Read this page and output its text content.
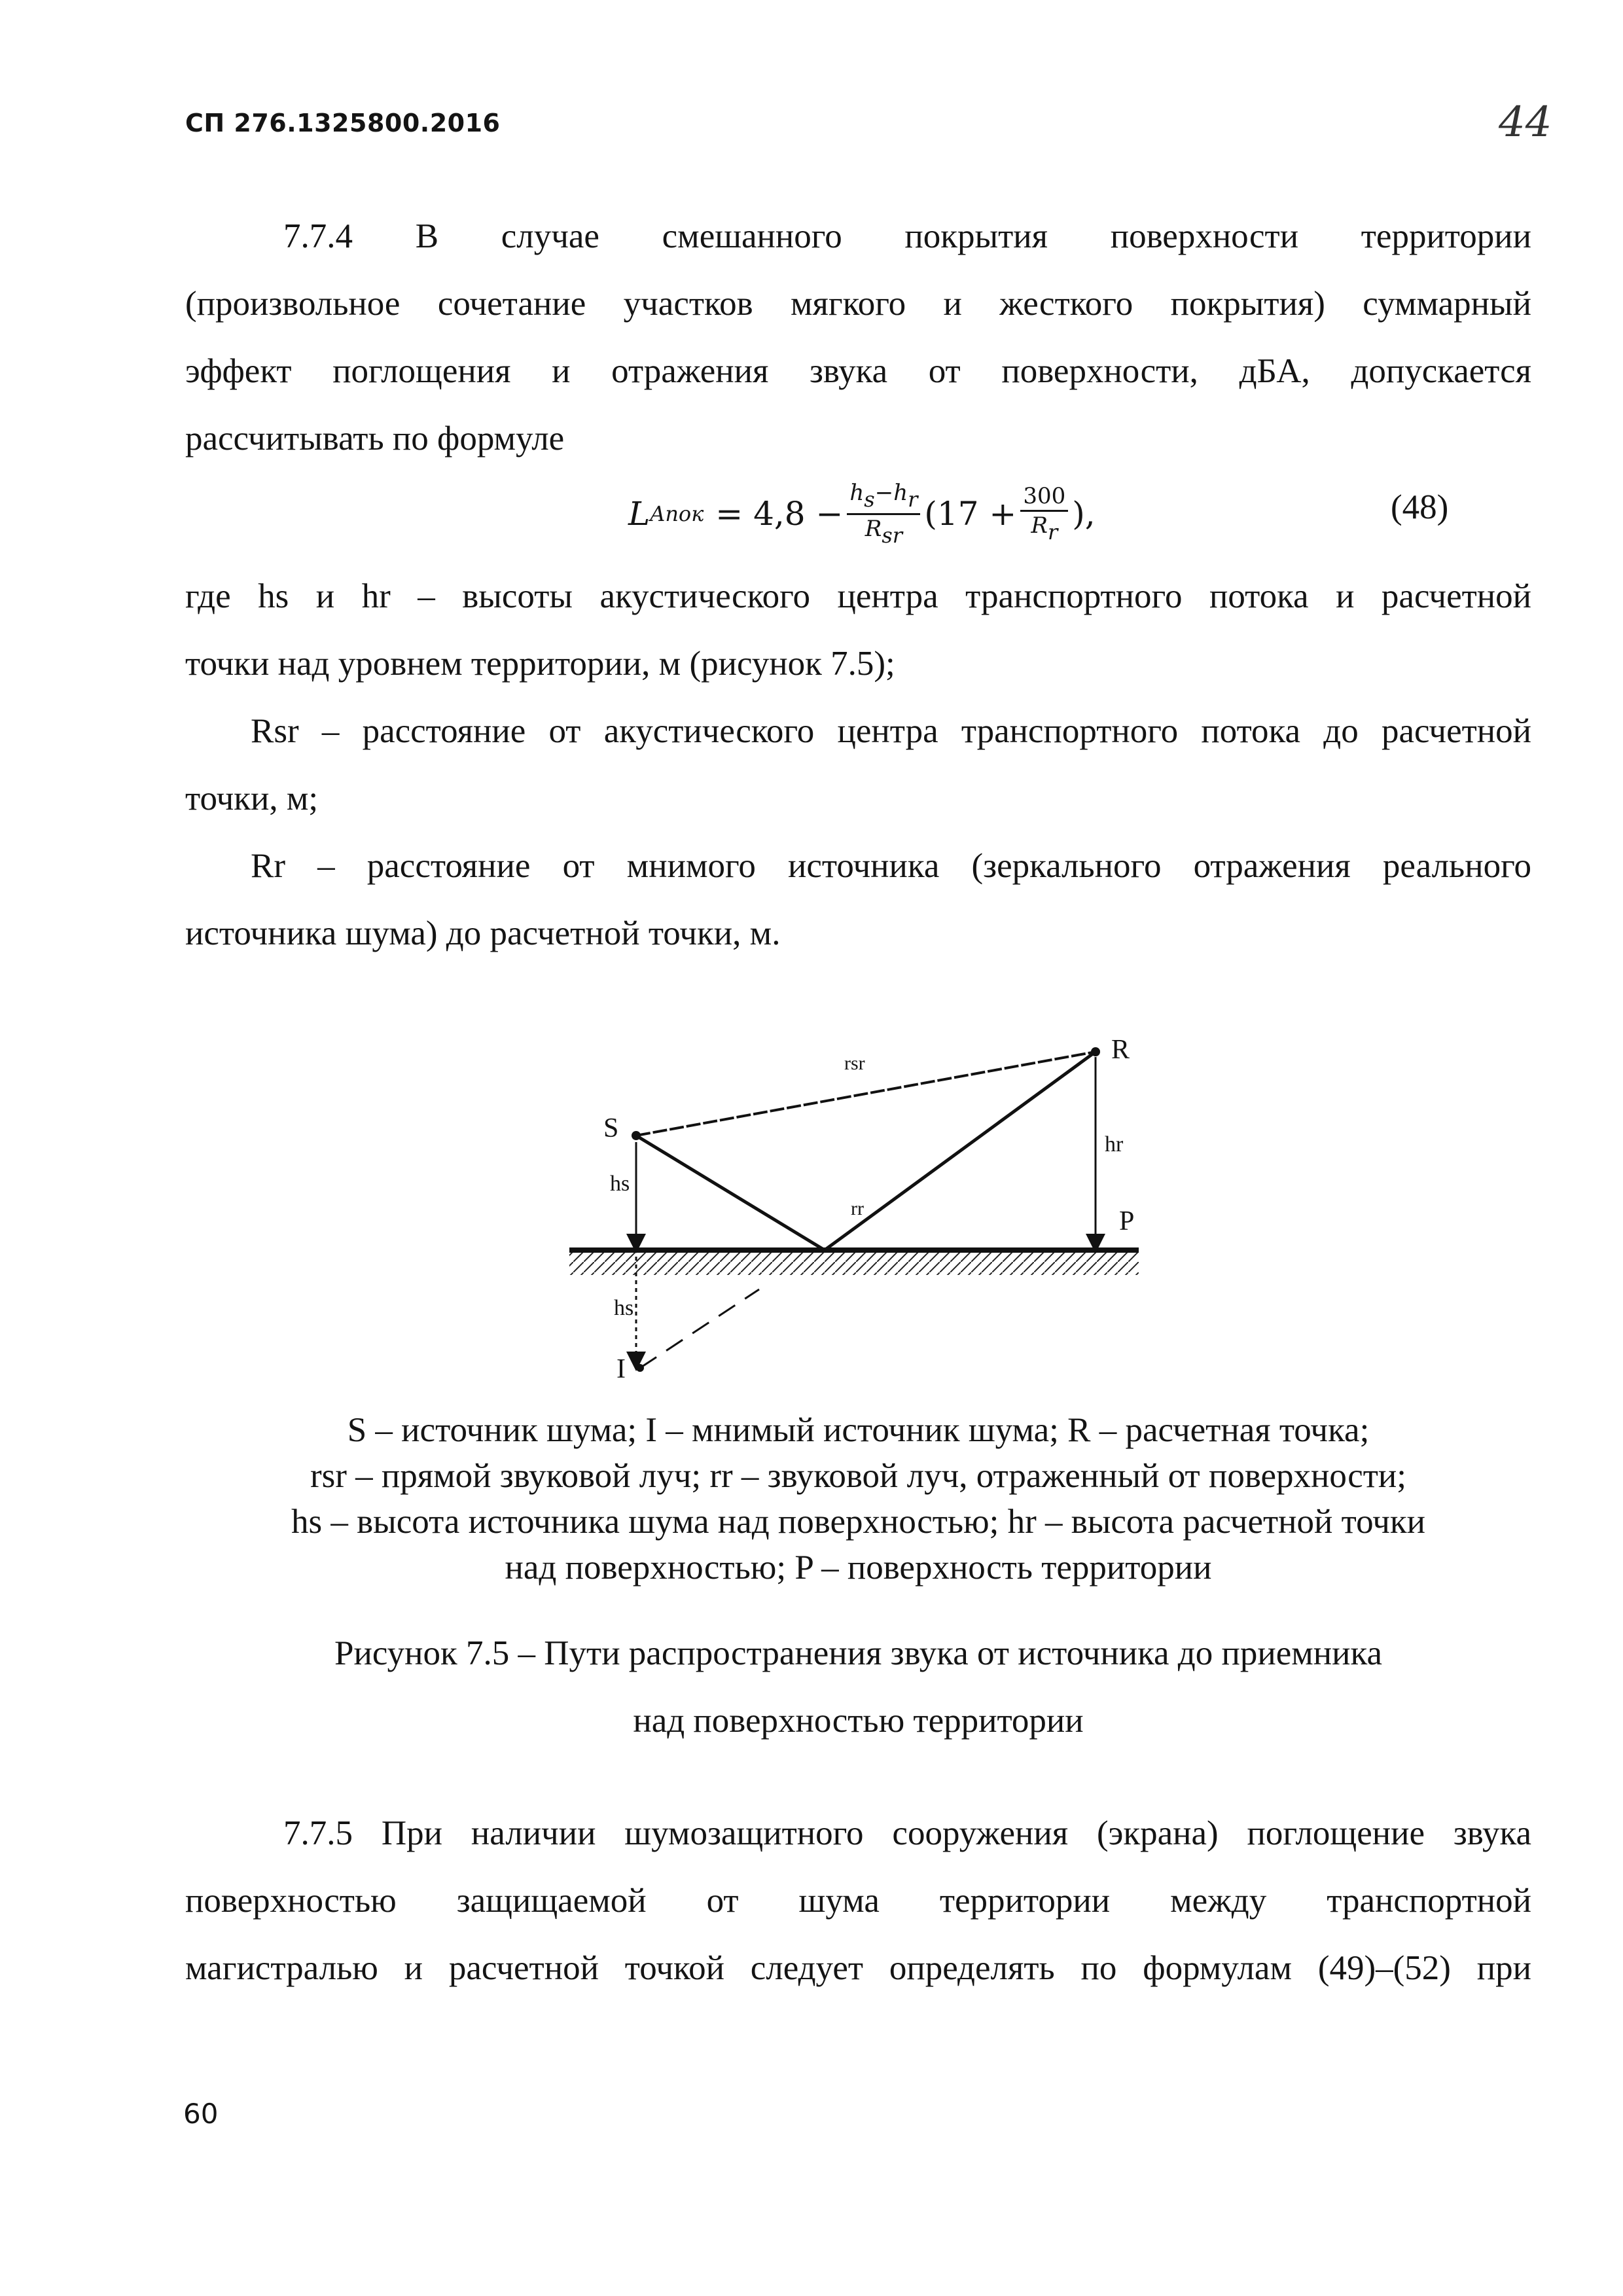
СП 276.1325800.2016	44
7.7.4 В случае смешанного покрытия поверхности территории
(произвольное сочетание участков мягкого и жесткого покрытия) суммарный
эффект поглощения и отражения звука от поверхности, дБА, допускается
рассчитывать по формуле
L Aпок = $4,8 - \frac{h_s-h_r}{R_{sr}} (17 + \frac{300}{R_r}$ ),	(48)
где hs и hr – высоты акустического центра транспортного потока и расчетной
точки над уровнем территории, м (рисунок 7.5);
Rsr – расстояние от акустического центра транспортного потока до расчетной
точки, м;
Rr – расстояние от мнимого источника (зеркального отражения реального
источника шума) до расчетной точки, м.
S
R
P
I
rsr
rr
hs
hs
hr
S – источник шума; I – мнимый источник шума; R – расчетная точка;
rsr – прямой звуковой луч; rr – звуковой луч, отраженный от поверхности;
hs – высота источника шума над поверхностью; hr – высота расчетной точки
над поверхностью; P – поверхность территории
Рисунок 7.5 – Пути распространения звука от источника до приемника
над поверхностью территории
7.7.5 При наличии шумозащитного сооружения (экрана) поглощение звука
поверхностью защищаемой от шума территории между транспортной
магистралью и расчетной точкой следует определять по формулам (49)–(52) при
60
